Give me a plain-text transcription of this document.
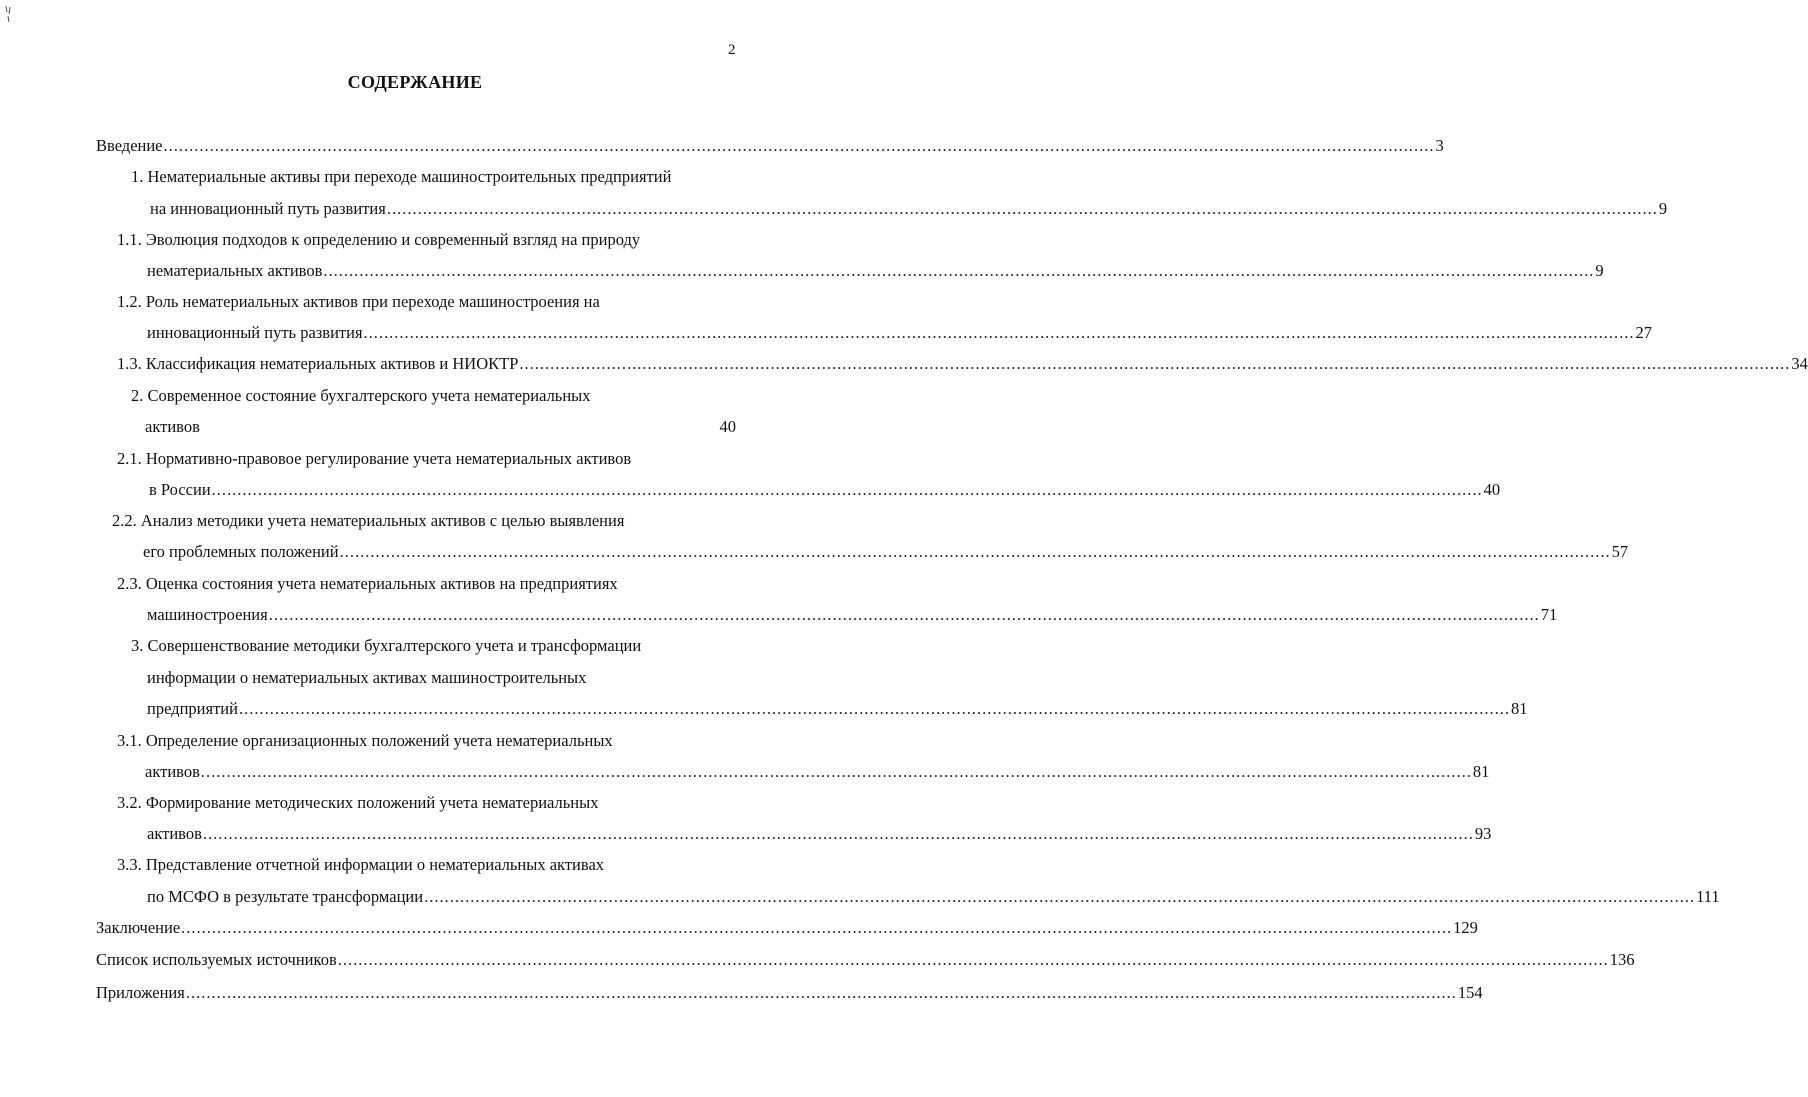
2
СОДЕРЖАНИЕ
Введение ........................................................................................................................................................................................................................................................ 3
1. Нематериальные активы при переходе машиностроительных предприятий
на инновационный путь развития ........................................................................................................................................................................................................................................................ 9
1.1. Эволюция подходов к определению и современный взгляд на природу
нематериальных активов ........................................................................................................................................................................................................................................................ 9
1.2. Роль нематериальных активов при переходе машиностроения на
инновационный путь развития ........................................................................................................................................................................................................................................................ 27
1.3. Классификация нематериальных активов и НИОКТР ........................................................................................................................................................................................................................................................ 34
2. Современное состояние бухгалтерского учета нематериальных
активов	40
2.1. Нормативно-правовое регулирование учета нематериальных активов
в России ........................................................................................................................................................................................................................................................ 40
2.2. Анализ методики учета нематериальных активов с целью выявления
его проблемных положений ........................................................................................................................................................................................................................................................ 57
2.3. Оценка состояния учета нематериальных активов на предприятиях
машиностроения ........................................................................................................................................................................................................................................................ 71
3. Совершенствование методики бухгалтерского учета и трансформации
информации о нематериальных активах машиностроительных
предприятий ........................................................................................................................................................................................................................................................ 81
3.1. Определение организационных положений учета нематериальных
активов ........................................................................................................................................................................................................................................................ 81
3.2. Формирование методических положений учета нематериальных
активов ........................................................................................................................................................................................................................................................ 93
3.3. Представление отчетной информации о нематериальных активах
по МСФО в результате трансформации ........................................................................................................................................................................................................................................................ 111
Заключение ........................................................................................................................................................................................................................................................ 129
Список используемых источников ........................................................................................................................................................................................................................................................ 136
Приложения ........................................................................................................................................................................................................................................................ 154
